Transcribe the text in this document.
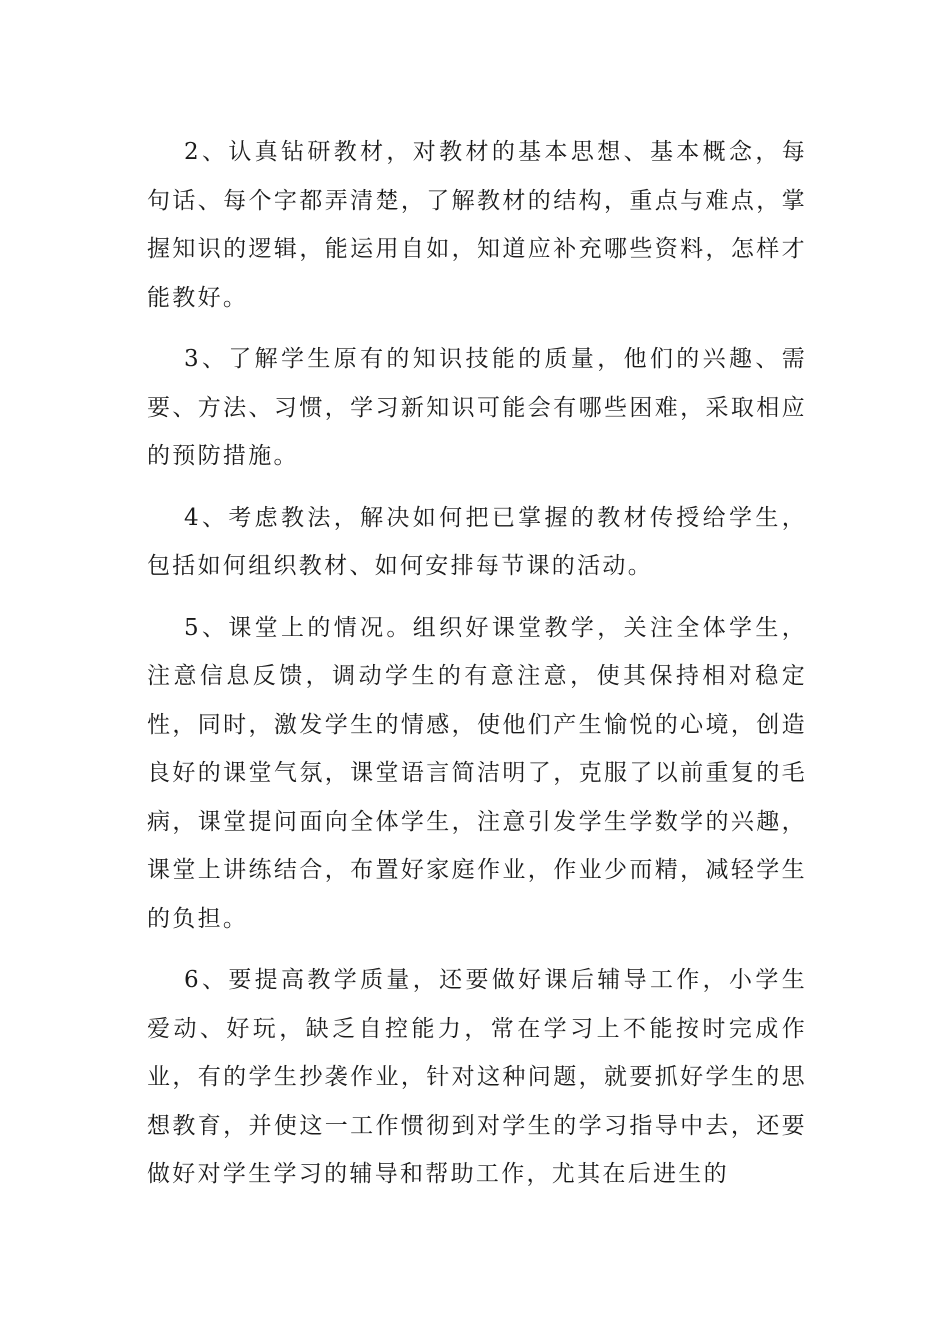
2、认真钻研教材，对教材的基本思想、基本概念，每句话、每个字都弄清楚，了解教材的结构，重点与难点，掌握知识的逻辑，能运用自如，知道应补充哪些资料，怎样才能教好。

3、了解学生原有的知识技能的质量，他们的兴趣、需要、方法、习惯，学习新知识可能会有哪些困难，采取相应的预防措施。

4、考虑教法，解决如何把已掌握的教材传授给学生，包括如何组织教材、如何安排每节课的活动。

5、课堂上的情况。组织好课堂教学，关注全体学生，注意信息反馈，调动学生的有意注意，使其保持相对稳定性，同时，激发学生的情感，使他们产生愉悦的心境，创造良好的课堂气氛，课堂语言简洁明了，克服了以前重复的毛病，课堂提问面向全体学生，注意引发学生学数学的兴趣，课堂上讲练结合，布置好家庭作业，作业少而精，减轻学生的负担。

6、要提高教学质量，还要做好课后辅导工作，小学生爱动、好玩，缺乏自控能力，常在学习上不能按时完成作业，有的学生抄袭作业，针对这种问题，就要抓好学生的思想教育，并使这一工作惯彻到对学生的学习指导中去，还要做好对学生学习的辅导和帮助工作，尤其在后进生的
